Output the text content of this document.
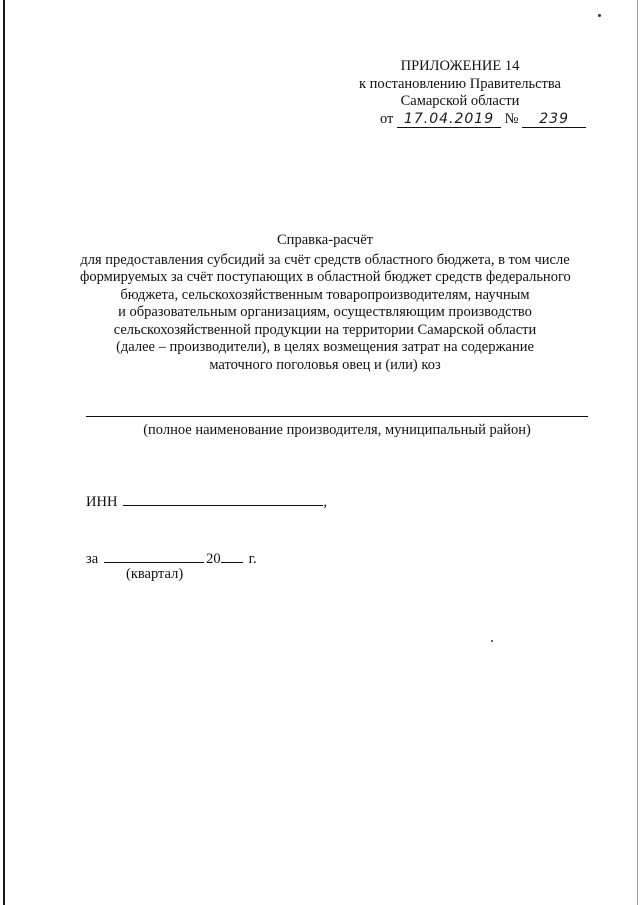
ПРИЛОЖЕНИЕ 14
к постановлению Правительства
Самарской области
от 17.04.2019 № 239
Справка-расчёт
для предоставления субсидий за счёт средств областного бюджета, в том числе
формируемых за счёт поступающих в областной бюджет средств федерального
бюджета, сельскохозяйственным товаропроизводителям, научным
и образовательным организациям, осуществляющим производство
сельскохозяйственной продукции на территории Самарской области
(далее – производители), в целях возмещения затрат на содержание
маточного поголовья овец и (или) коз
(полное наименование производителя, муниципальный район)
ИНН	,
за	20 г.
(квартал)
